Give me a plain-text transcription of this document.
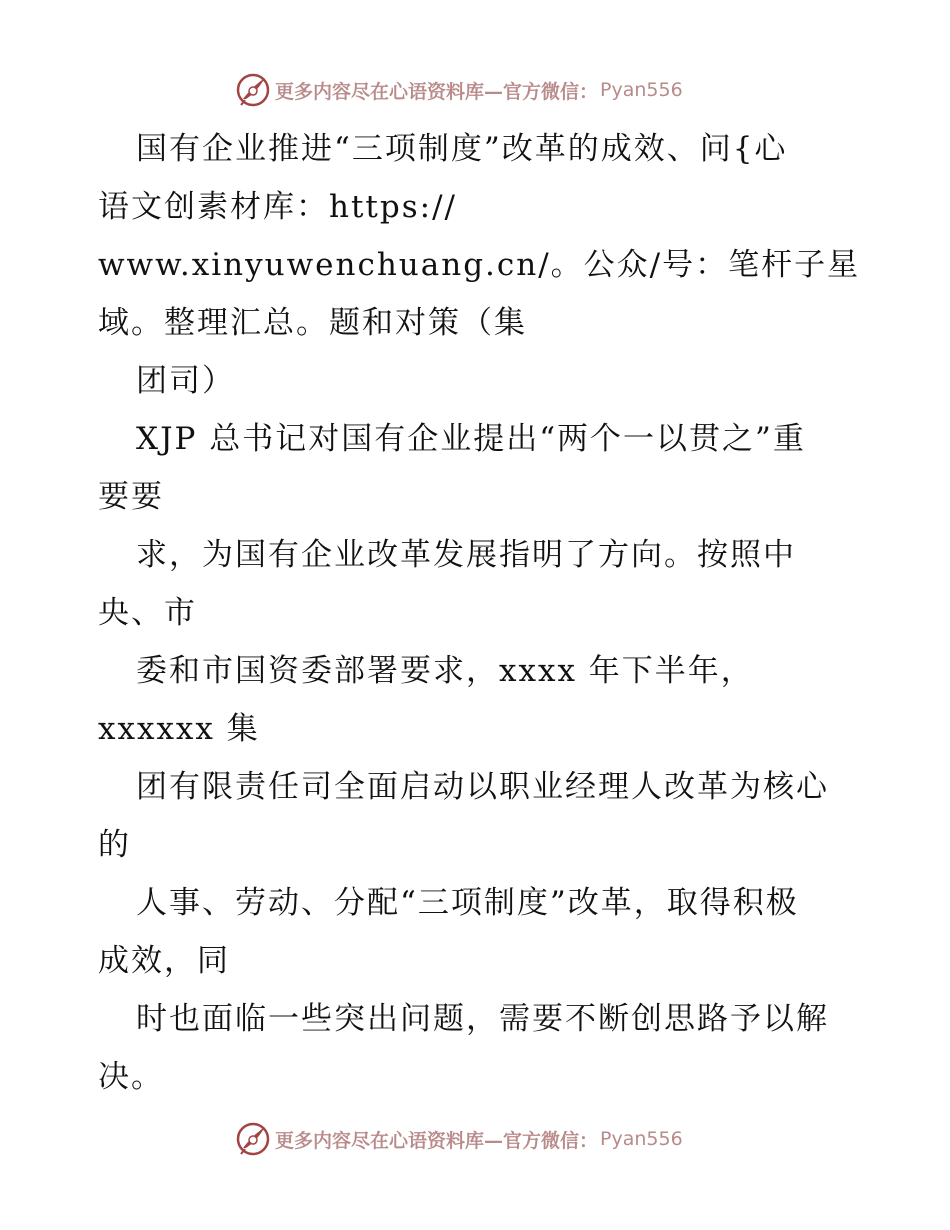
更多内容尽在心语资料库—官方微信： Pyan556
国有企业推进“三项制度”改革的成效、问{心
语文创素材库：https://
www.xinyuwenchuang.cn/。公众/号：笔杆子星
域。整理汇总。题和对策（集
团司）
XJP 总书记对国有企业提出“两个一以贯之”重
要要
求，为国有企业改革发展指明了方向。按照中
央、市
委和市国资委部署要求，xxxx 年下半年，
xxxxxx 集
团有限责任司全面启动以职业经理人改革为核心
的
人事、劳动、分配“三项制度”改革，取得积极
成效，同
时也面临一些突出问题，需要不断创思路予以解
决。
更多内容尽在心语资料库—官方微信： Pyan556
